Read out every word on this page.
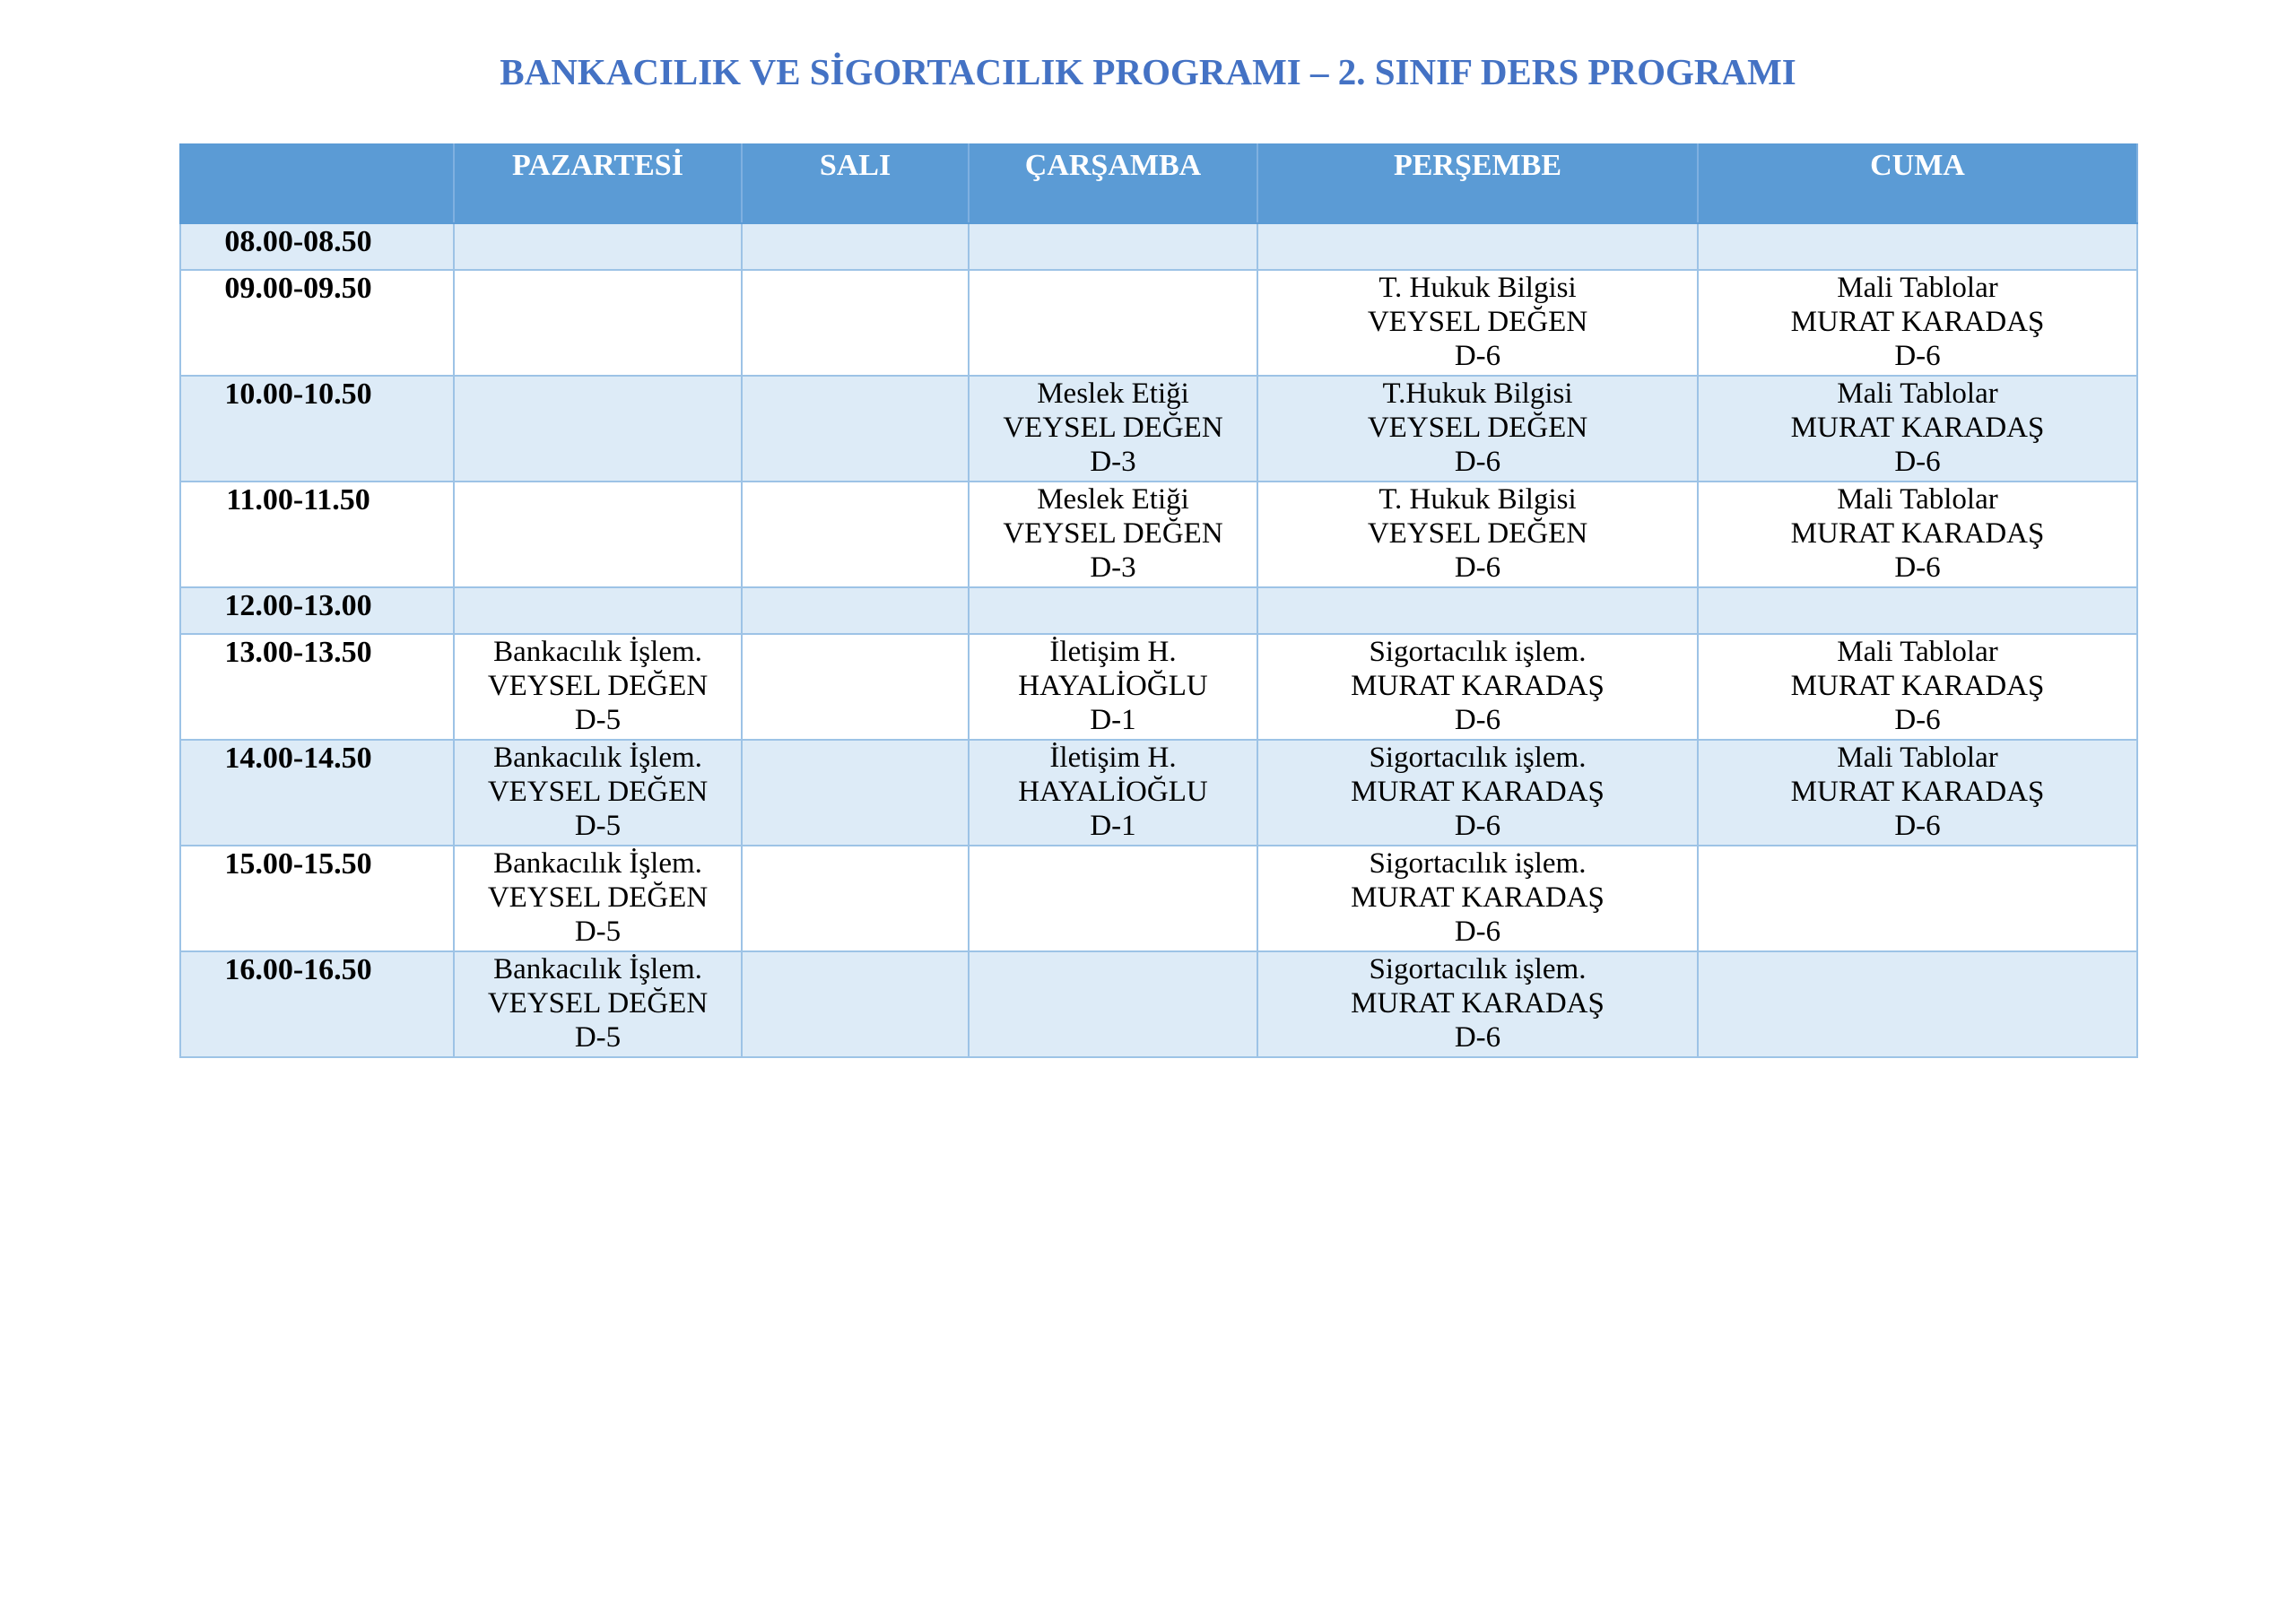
BANKACILIK VE SİGORTACILIK PROGRAMI – 2. SINIF DERS PROGRAMI
	PAZARTESİ	SALI	ÇARŞAMBA	PERŞEMBE	CUMA
08.00-08.50					
09.00-09.50				T. Hukuk Bilgisi
VEYSEL DEĞEN
D-6	Mali Tablolar
MURAT KARADAŞ
D-6

10.00-10.50			Meslek Etiği
VEYSEL DEĞEN
D-3	T.Hukuk Bilgisi
VEYSEL DEĞEN
D-6	Mali Tablolar
MURAT KARADAŞ
D-6

11.00-11.50			Meslek Etiği
VEYSEL DEĞEN
D-3	T. Hukuk Bilgisi
VEYSEL DEĞEN
D-6	Mali Tablolar
MURAT KARADAŞ
D-6

12.00-13.00					
13.00-13.50	Bankacılık İşlem.
VEYSEL DEĞEN
D-5		İletişim H.
HAYALİOĞLU
D-1	Sigortacılık işlem.
MURAT KARADAŞ
D-6	Mali Tablolar
MURAT KARADAŞ
D-6

14.00-14.50	Bankacılık İşlem.
VEYSEL DEĞEN
D-5		İletişim H.
HAYALİOĞLU
D-1	Sigortacılık işlem.
MURAT KARADAŞ
D-6	Mali Tablolar
MURAT KARADAŞ
D-6

15.00-15.50	Bankacılık İşlem.
VEYSEL DEĞEN
D-5			Sigortacılık işlem.
MURAT KARADAŞ
D-6	

16.00-16.50	Bankacılık İşlem.
VEYSEL DEĞEN
D-5			Sigortacılık işlem.
MURAT KARADAŞ
D-6	
